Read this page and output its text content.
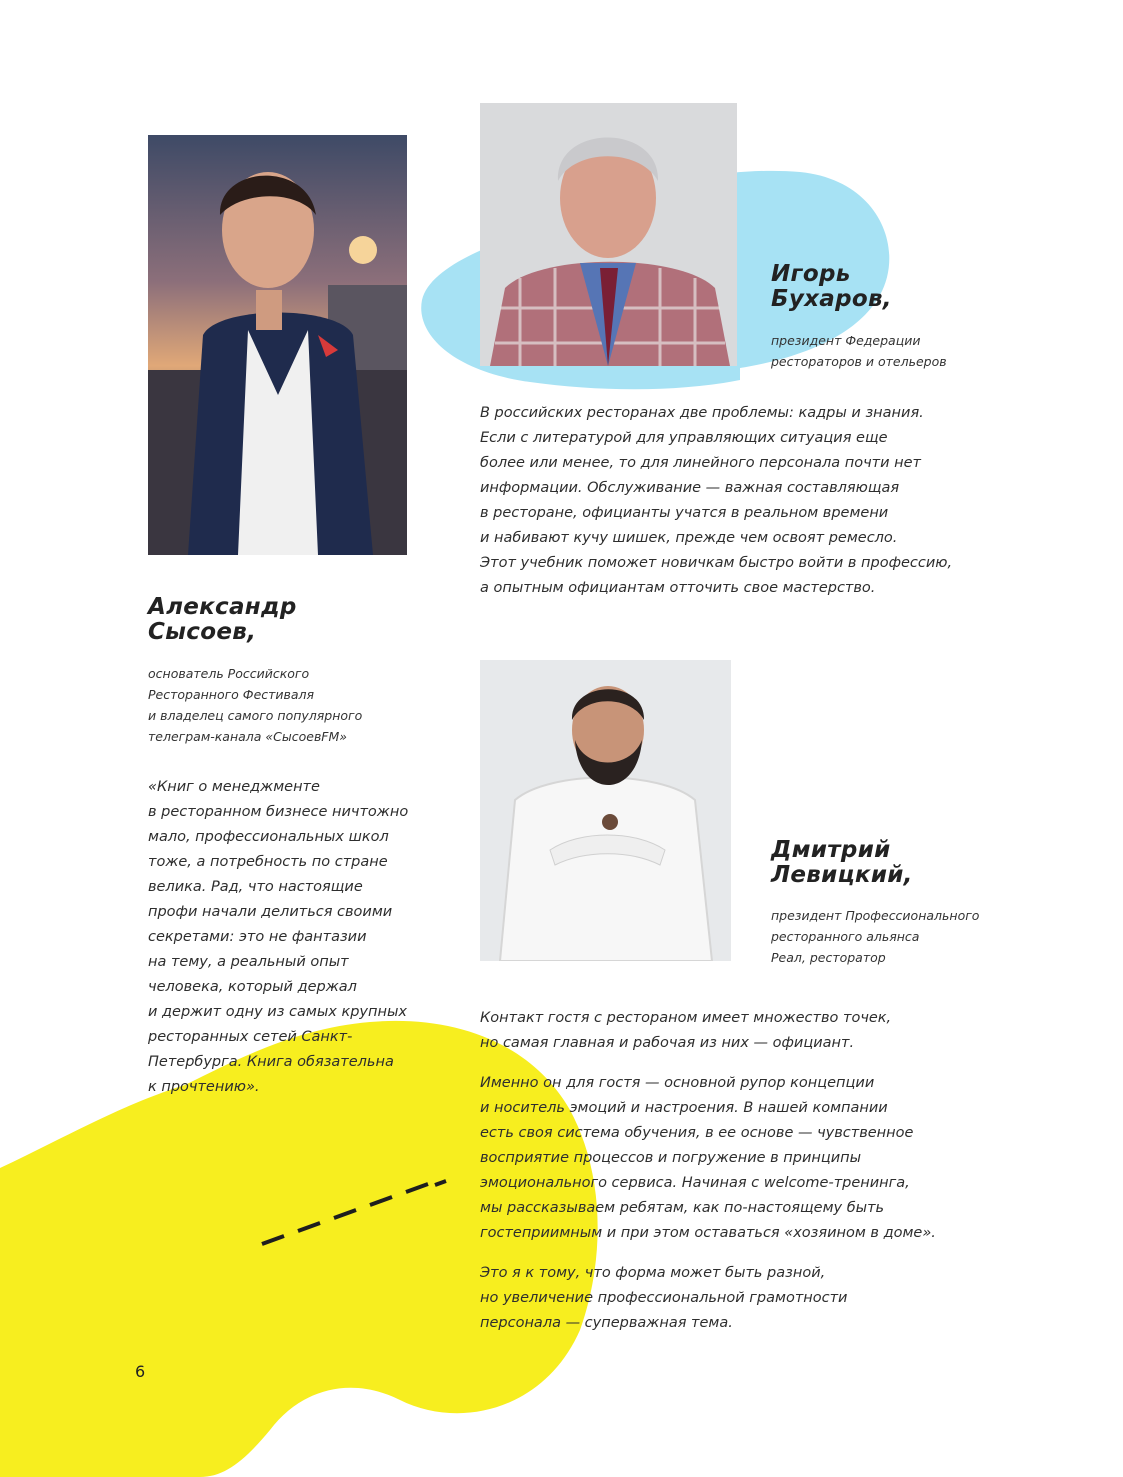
Александр
Сысоев,
Игорь
Бухаров,
Дмитрий
Левицкий,
основатель Российского
Ресторанного Фестиваля
и владелец самого популярного
телеграм-канала «СысоевFM»
президент Федерации
рестораторов и отельеров
президент Профессионального
ресторанного альянса
Реал, ресторатор
«Книг о менеджменте
в ресторанном бизнесе ничтожно
мало, профессиональных школ
тоже, а потребность по стране
велика. Рад, что настоящие
профи начали делиться своими
секретами: это не фантазии
на тему, а реальный опыт
человека, который держал
и держит одну из самых крупных
ресторанных сетей Санкт-
Петербурга. Книга обязательна
к прочтению».
В российских ресторанах две проблемы: кадры и знания.
Если с литературой для управляющих ситуация еще
более или менее, то для линейного персонала почти нет
информации. Обслуживание — важная составляющая
в ресторане, официанты учатся в реальном времени
и набивают кучу шишек, прежде чем освоят ремесло.
Этот учебник поможет новичкам быстро войти в профессию,
а опытным официантам отточить свое мастерство.

Контакт гостя с рестораном имеет множество точек,
но самая главная и рабочая из них — официант.

Именно он для гостя — основной рупор концепции
и носитель эмоций и настроения. В нашей компании
есть своя система обучения, в ее основе — чувственное
восприятие процессов и погружение в принципы
эмоционального сервиса. Начиная с welcome-тренинга,
мы рассказываем ребятам, как по-настоящему быть
гостеприимным и при этом оставаться «хозяином в доме».

Это я к тому, что форма может быть разной,
но увеличение профессиональной грамотности
персонала — суперважная тема.

6
